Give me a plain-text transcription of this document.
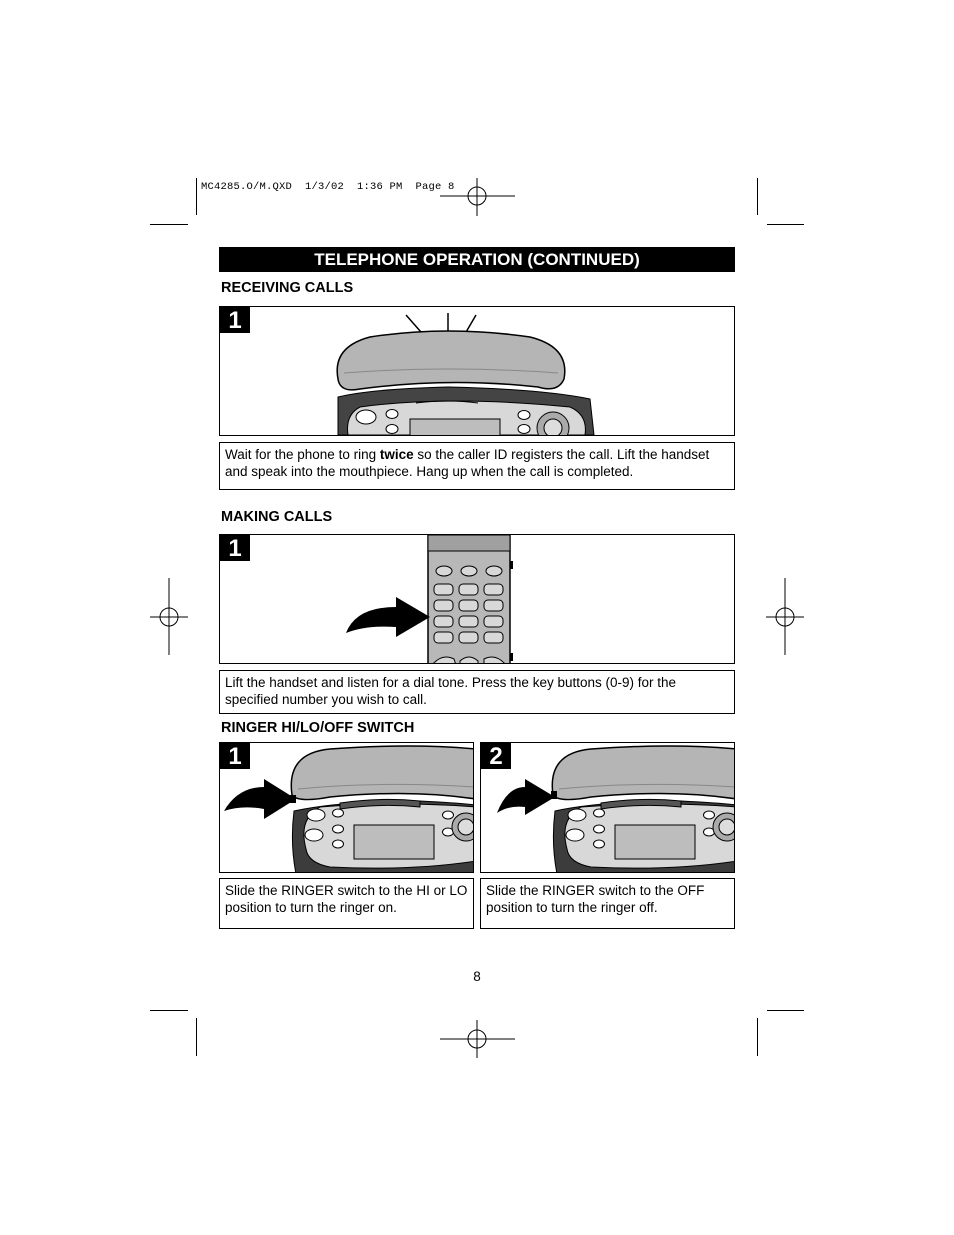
MC4285.O/M.QXD  1/3/02  1:36 PM  Page 8
TELEPHONE OPERATION (CONTINUED)
RECEIVING CALLS
1
Wait for the phone to ring twice so the caller ID registers the call. Lift the handset and speak into the mouthpiece. Hang up when the call is completed.
MAKING CALLS
1
Lift the handset and listen for a dial tone. Press the key buttons (0-9) for the specified number you wish to call.
RINGER HI/LO/OFF SWITCH
1	2
Slide the RINGER switch to the HI or LO position to turn the ringer on.
Slide the RINGER switch to the OFF position to turn the ringer off.
8
